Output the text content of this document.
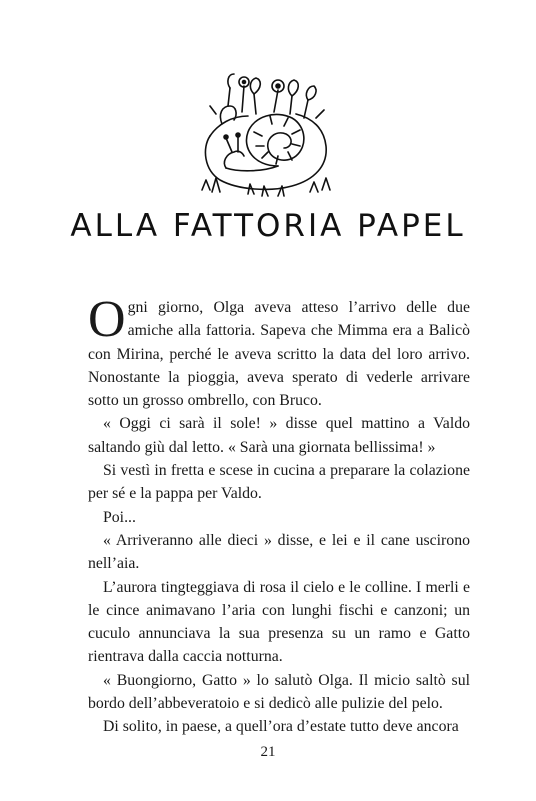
ALLA FATTORIA PAPEL

Ogni giorno, Olga aveva atteso l’arrivo delle due amiche alla fattoria. Sapeva che Mimma era a Balicò con Mirina, perché le aveva scritto la data del loro arrivo. Nonostante la pioggia, aveva sperato di vederle arrivare sotto un grosso ombrello, con Bruco.

« Oggi ci sarà il sole! » disse quel mattino a Valdo saltando giù dal letto. « Sarà una giornata bellissima! »

Si vestì in fretta e scese in cucina a preparare la colazione per sé e la pappa per Valdo.

Poi...

« Arriveranno alle dieci » disse, e lei e il cane uscirono nell’aia.

L’aurora tingteggiava di rosa il cielo e le colline. I merli e le cince animavano l’aria con lunghi fischi e canzoni; un cuculo annunciava la sua presenza su un ramo e Gatto rientrava dalla caccia notturna.

« Buongiorno, Gatto » lo salutò Olga. Il micio saltò sul bordo dell’abbeveratoio e si dedicò alle pulizie del pelo.

Di solito, in paese, a quell’ora d’estate tutto deve ancora

21
